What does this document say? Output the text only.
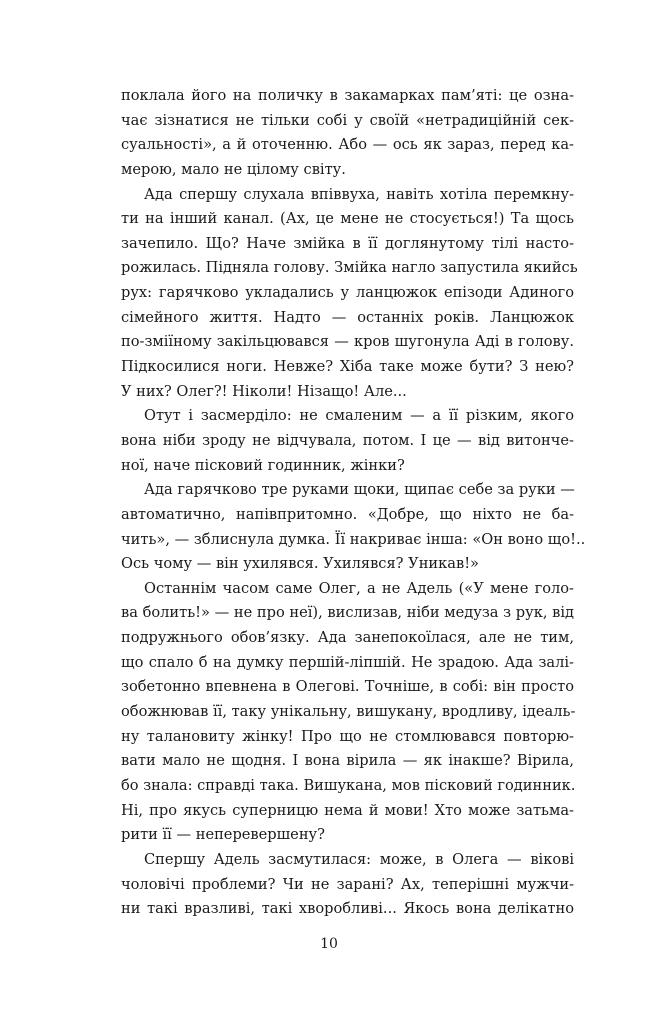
поклала його на поличку в закамарках пам’яті: це озна-
чає зізнатися не тільки собі у своїй «нетрадиційній сек-
суальності», а й оточенню. Або — ось як зараз, перед ка-
мерою, мало не цілому світу.
Ада спершу слухала впіввуха, навіть хотіла перемкну-
ти на інший канал. (Ах, це мене не стосується!) Та щось
зачепило. Що? Наче змійка в її доглянутому тілі насто-
рожилась. Підняла голову. Змійка нагло запустила якийсь
рух: гарячково укладались у ланцюжок епізоди Адиного
сімейного життя. Надто — останніх років. Ланцюжок
по-зміїному закільцювався — кров шугонула Аді в голову.
Підкосилися ноги. Невже? Хіба таке може бути? З нею?
У них? Олег?! Ніколи! Нізащо! Але...
Отут і засмерділо: не смаленим — а її різким, якого
вона ніби зроду не відчувала, потом. І це — від витонче-
ної, наче пісковий годинник, жінки?
Ада гарячково тре руками щоки, щипає себе за руки —
автоматично, напівпритомно. «Добре, що ніхто не ба-
чить», — зблиснула думка. Її накриває інша: «Он воно що!..
Ось чому — він ухилявся. Ухилявся? Уникав!»
Останнім часом саме Олег, а не Адель («У мене голо-
ва болить!» — не про неї), вислизав, ніби медуза з рук, від
подружнього обов’язку. Ада занепокоїлася, але не тим,
що спало б на думку першій-ліпшій. Не зрадою. Ада залі-
зобетонно впевнена в Олегові. Точніше, в собі: він просто
обожнював її, таку унікальну, вишукану, вродливу, ідеаль-
ну талановиту жінку! Про що не стомлювався повторю-
вати мало не щодня. І вона вірила — як інакше? Вірила,
бо знала: справді така. Вишукана, мов пісковий годинник.
Ні, про якусь суперницю нема й мови! Хто може затьма-
рити її — неперевершену?
Спершу Адель засмутилася: може, в Олега — вікові
чоловічі проблеми? Чи не зарані? Ах, теперішні мужчи-
ни такі вразливі, такі хворобливі... Якось вона делікатно
10
